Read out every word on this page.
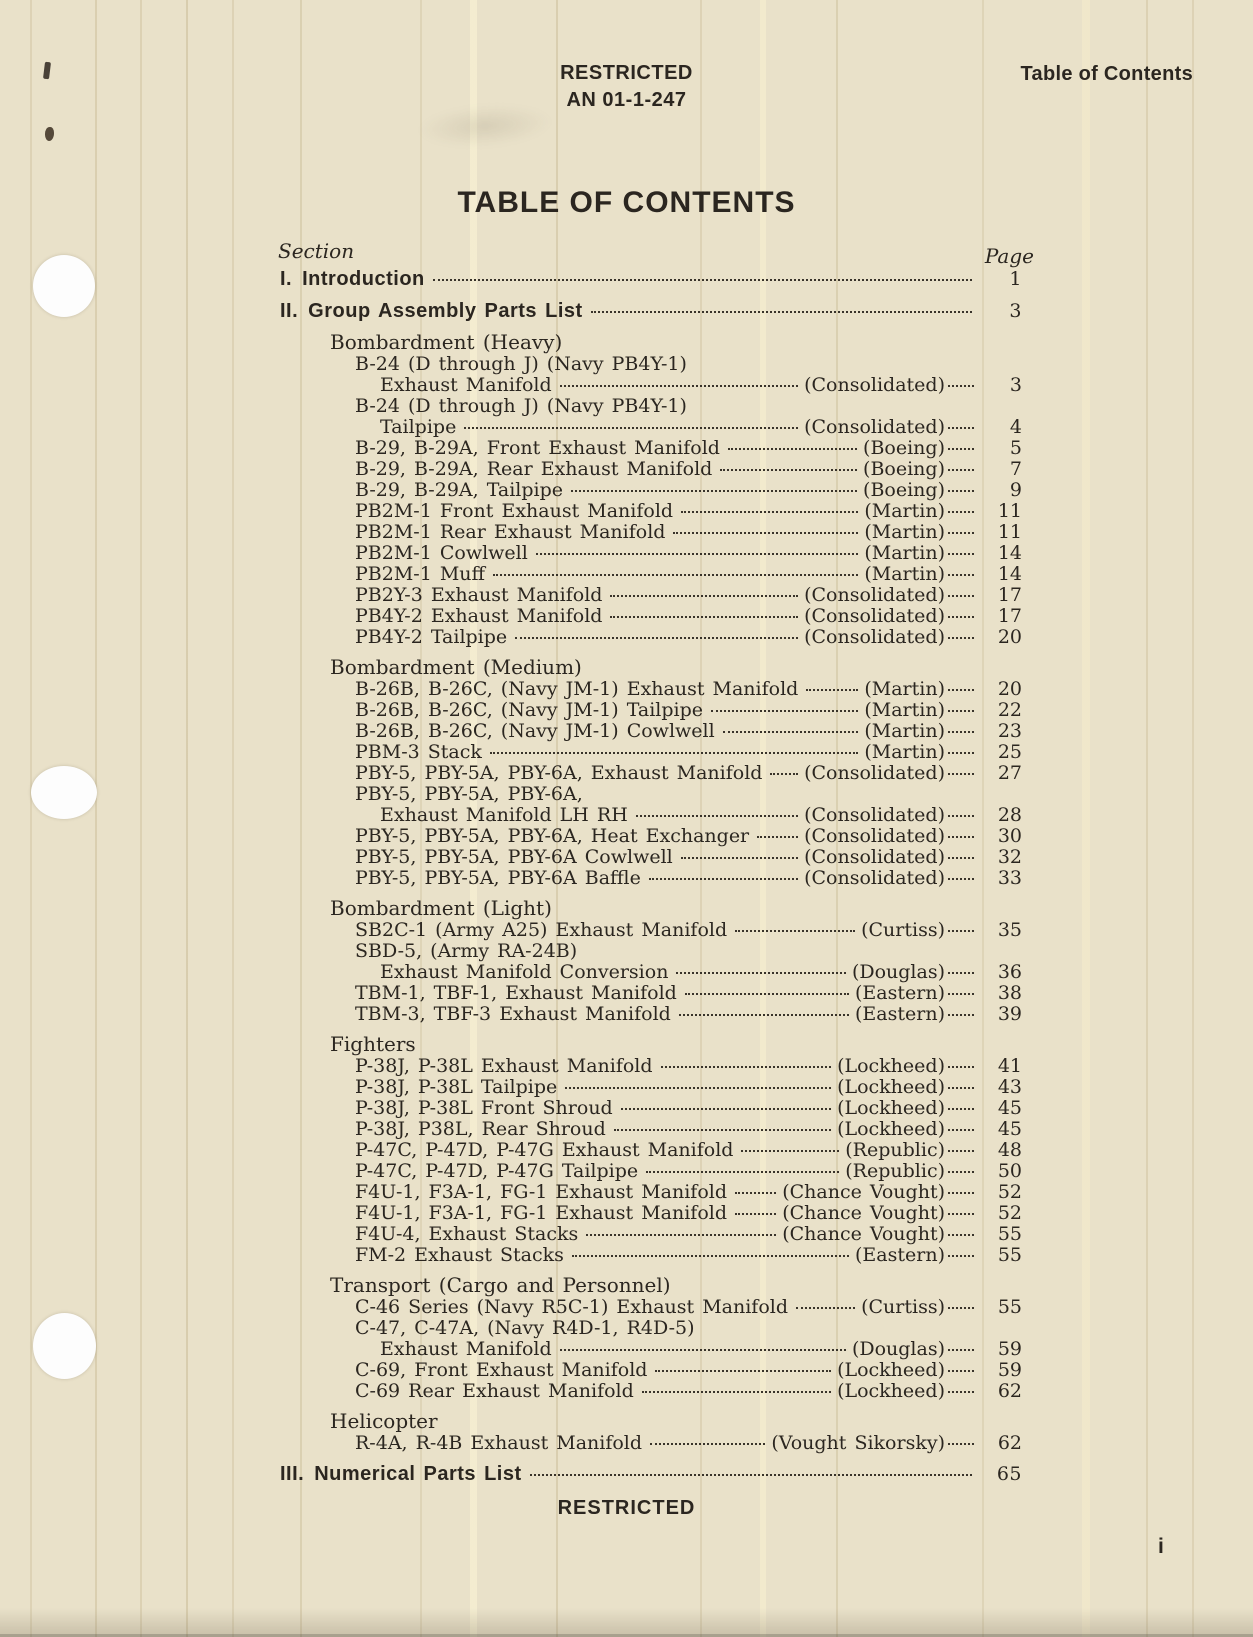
RESTRICTED
AN 01-1-247
Table of Contents
TABLE OF CONTENTS
Section	Page
I. Introduction	1
II. Group Assembly Parts List	3
Bombardment (Heavy)
B-24 (D through J) (Navy PB4Y-1)
Exhaust Manifold	(Consolidated)	3
B-24 (D through J) (Navy PB4Y-1)
Tailpipe	(Consolidated)	4
B-29, B-29A, Front Exhaust Manifold	(Boeing)	5
B-29, B-29A, Rear Exhaust Manifold	(Boeing)	7
B-29, B-29A, Tailpipe	(Boeing)	9
PB2M-1 Front Exhaust Manifold	(Martin)	11
PB2M-1 Rear Exhaust Manifold	(Martin)	11
PB2M-1 Cowlwell	(Martin)	14
PB2M-1 Muff	(Martin)	14
PB2Y-3 Exhaust Manifold	(Consolidated)	17
PB4Y-2 Exhaust Manifold	(Consolidated)	17
PB4Y-2 Tailpipe	(Consolidated)	20
Bombardment (Medium)
B-26B, B-26C, (Navy JM-1) Exhaust Manifold	(Martin)	20
B-26B, B-26C, (Navy JM-1) Tailpipe	(Martin)	22
B-26B, B-26C, (Navy JM-1) Cowlwell	(Martin)	23
PBM-3 Stack	(Martin)	25
PBY-5, PBY-5A, PBY-6A, Exhaust Manifold (Consolidated)	27
PBY-5, PBY-5A, PBY-6A,
Exhaust Manifold LH RH	(Consolidated)	28
PBY-5, PBY-5A, PBY-6A, Heat Exchanger	(Consolidated)	30
PBY-5, PBY-5A, PBY-6A Cowlwell	(Consolidated)	32
PBY-5, PBY-5A, PBY-6A Baffle	(Consolidated)	33
Bombardment (Light)
SB2C-1 (Army A25) Exhaust Manifold	(Curtiss)	35
SBD-5, (Army RA-24B)
Exhaust Manifold Conversion	(Douglas)	36
TBM-1, TBF-1, Exhaust Manifold	(Eastern)	38
TBM-3, TBF-3 Exhaust Manifold	(Eastern)	39
Fighters
P-38J, P-38L Exhaust Manifold	(Lockheed)	41
P-38J, P-38L Tailpipe	(Lockheed)	43
P-38J, P-38L Front Shroud	(Lockheed)	45
P-38J, P38L, Rear Shroud	(Lockheed)	45
P-47C, P-47D, P-47G Exhaust Manifold	(Republic)	48
P-47C, P-47D, P-47G Tailpipe	(Republic)	50
F4U-1, F3A-1, FG-1 Exhaust Manifold	(Chance Vought)	52
F4U-1, F3A-1, FG-1 Exhaust Manifold	(Chance Vought)	52
F4U-4, Exhaust Stacks	(Chance Vought)	55
FM-2 Exhaust Stacks	(Eastern)	55
Transport (Cargo and Personnel)
C-46 Series (Navy R5C-1) Exhaust Manifold	(Curtiss)	55
C-47, C-47A, (Navy R4D-1, R4D-5)
Exhaust Manifold	(Douglas)	59
C-69, Front Exhaust Manifold	(Lockheed)	59
C-69 Rear Exhaust Manifold	(Lockheed)	62
Helicopter
R-4A, R-4B Exhaust Manifold	(Vought Sikorsky)	62
III. Numerical Parts List	65
RESTRICTED
i
